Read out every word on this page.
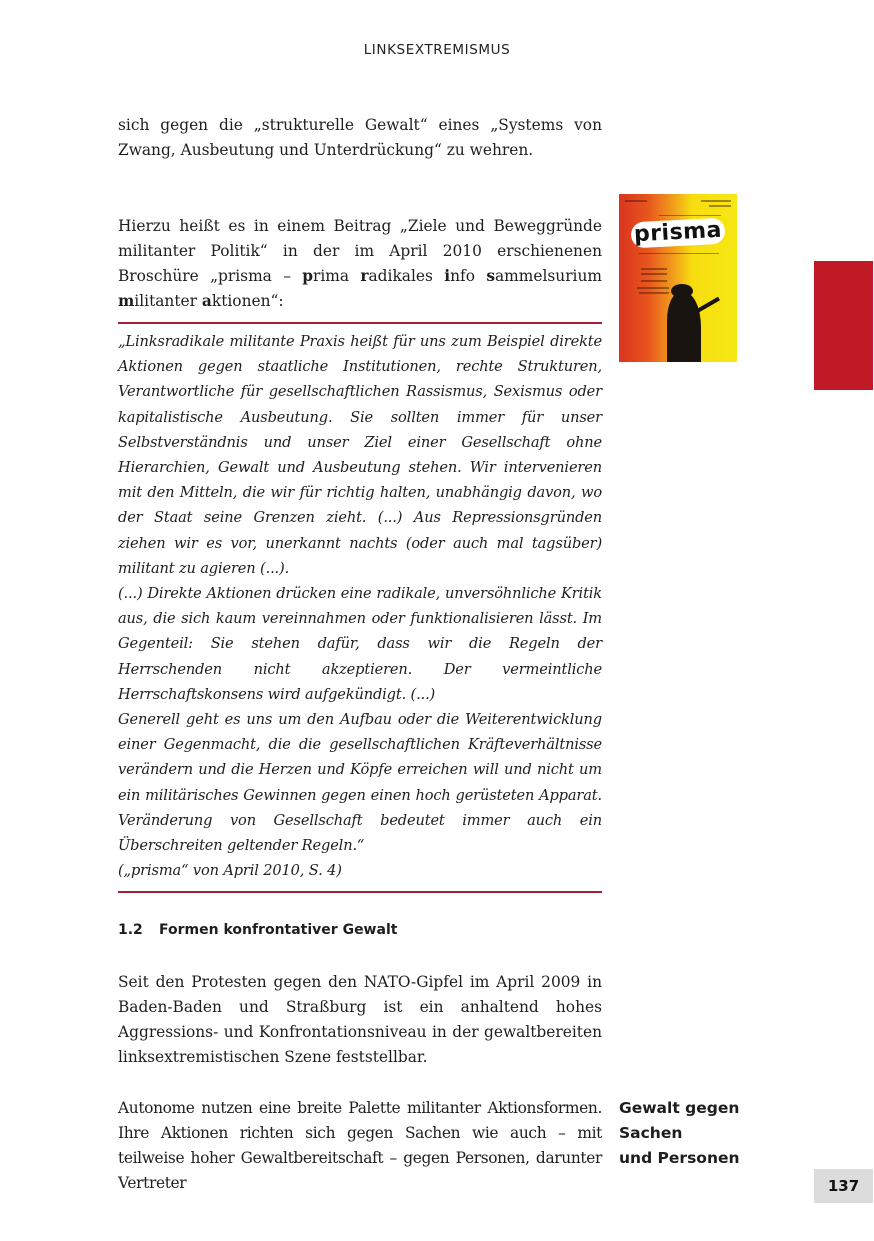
LINKSEXTREMISMUS

sich gegen die „strukturelle Gewalt“ eines „Systems von Zwang, Ausbeutung und Unterdrückung“ zu wehren.

Hierzu heißt es in einem Beitrag „Ziele und Beweggründe militanter Politik“ in der im April 2010 erschienenen Broschüre „prisma – prima radikales info sammelsurium militanter aktionen“:

prisma

„Linksradikale militante Praxis heißt für uns zum Beispiel direkte Aktionen gegen staatliche Institutionen, rechte Strukturen, Verantwortliche für gesellschaftlichen Rassismus, Sexismus oder kapitalistische Ausbeutung. Sie sollten immer für unser Selbstverständnis und unser Ziel einer Gesellschaft ohne Hierarchien, Gewalt und Ausbeutung stehen. Wir intervenieren mit den Mitteln, die wir für richtig halten, unabhängig davon, wo der Staat seine Grenzen zieht. (...) Aus Repressionsgründen ziehen wir es vor, unerkannt nachts (oder auch mal tagsüber) militant zu agieren (...).

(...) Direkte Aktionen drücken eine radikale, unversöhnliche Kritik aus, die sich kaum vereinnahmen oder funktionalisieren lässt. Im Gegenteil: Sie stehen dafür, dass wir die Regeln der Herrschenden nicht akzeptieren. Der vermeintliche Herrschaftskonsens wird aufgekündigt. (...)

Generell geht es uns um den Aufbau oder die Weiterentwicklung einer Gegenmacht, die die gesellschaftlichen Kräfteverhältnisse verändern und die Herzen und Köpfe erreichen will und nicht um ein militärisches Gewinnen gegen einen hoch gerüsteten Apparat. Veränderung von Gesellschaft bedeutet immer auch ein Überschreiten geltender Regeln.“

(„prisma“ von April 2010, S. 4)

1.2 Formen konfrontativer Gewalt

Seit den Protesten gegen den NATO-Gipfel im April 2009 in Baden-Baden und Straßburg ist ein anhaltend hohes Aggressions- und Konfrontationsniveau in der gewaltbereiten linksextremistischen Szene feststellbar.

Autonome nutzen eine breite Palette militanter Aktionsformen. Ihre Aktionen richten sich gegen Sachen wie auch – mit teilweise hoher Gewaltbereitschaft – gegen Personen, darunter Vertreter

Gewalt gegen
Sachen
und Personen
137
